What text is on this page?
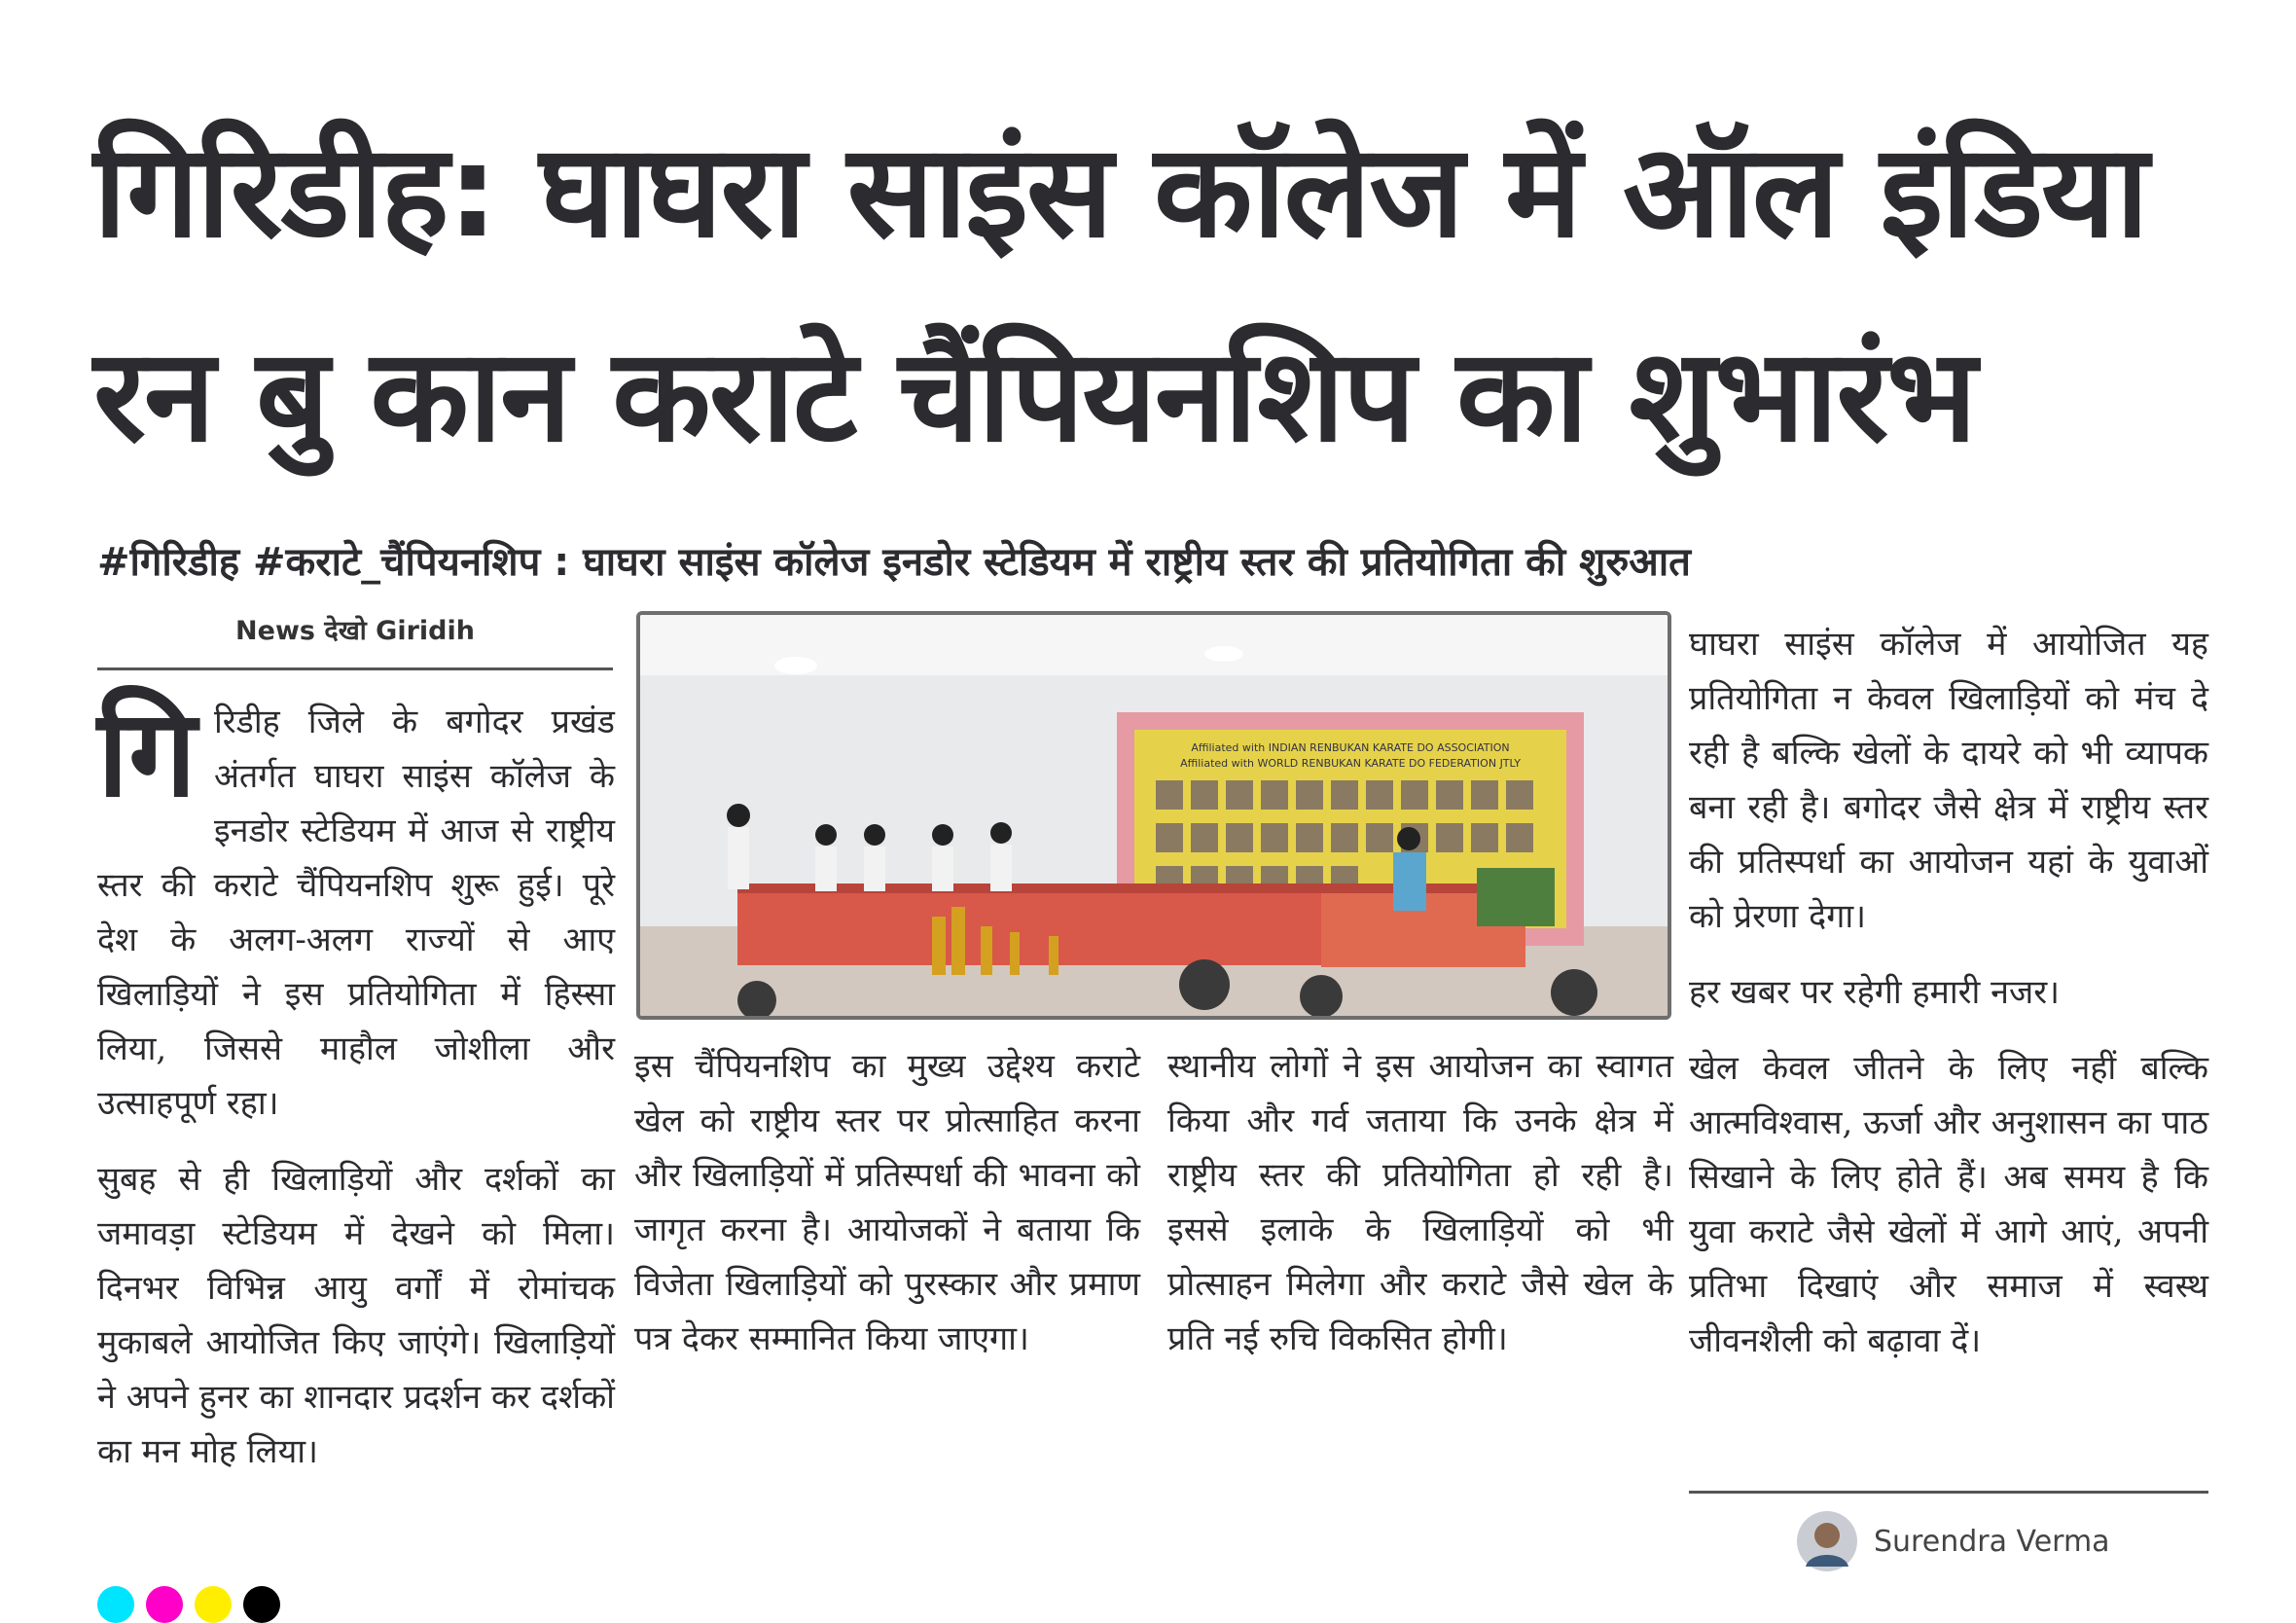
गिरिडीह: घाघरा साइंस कॉलेज में ऑल इंडिया रन बु कान कराटे चैंपियनशिप का शुभारंभ
#गिरिडीह #कराटे_चैंपियनशिप : घाघरा साइंस कॉलेज इनडोर स्टेडियम में राष्ट्रीय स्तर की प्रतियोगिता की शुरुआत
News देखो Giridih

गिरिडीह जिले के बगोदर प्रखंड अंतर्गत घाघरा साइंस कॉलेज के इनडोर स्टेडियम में आज से राष्ट्रीय स्तर की कराटे चैंपियनशिप शुरू हुई। पूरे देश के अलग-अलग राज्यों से आए खिलाड़ियों ने इस प्रतियोगिता में हिस्सा लिया, जिससे माहौल जोशीला और उत्साहपूर्ण रहा।

सुबह से ही खिलाड़ियों और दर्शकों का जमावड़ा स्टेडियम में देखने को मिला। दिनभर विभिन्न आयु वर्गों में रोमांचक मुकाबले आयोजित किए जाएंगे। खिलाड़ियों ने अपने हुनर का शानदार प्रदर्शन कर दर्शकों का मन मोह लिया।

Affiliated with INDIAN RENBUKAN KARATE DO ASSOCIATION
Affiliated with WORLD RENBUKAN KARATE DO FEDERATION JTLY

इस चैंपियनशिप का मुख्य उद्देश्य कराटे खेल को राष्ट्रीय स्तर पर प्रोत्साहित करना और खिलाड़ियों में प्रतिस्पर्धा की भावना को जागृत करना है। आयोजकों ने बताया कि विजेता खिलाड़ियों को पुरस्कार और प्रमाण पत्र देकर सम्मानित किया जाएगा।

स्थानीय लोगों ने इस आयोजन का स्वागत किया और गर्व जताया कि उनके क्षेत्र में राष्ट्रीय स्तर की प्रतियोगिता हो रही है। इससे इलाके के खिलाड़ियों को भी प्रोत्साहन मिलेगा और कराटे जैसे खेल के प्रति नई रुचि विकसित होगी।

घाघरा साइंस कॉलेज में आयोजित यह प्रतियोगिता न केवल खिलाड़ियों को मंच दे रही है बल्कि खेलों के दायरे को भी व्यापक बना रही है। बगोदर जैसे क्षेत्र में राष्ट्रीय स्तर की प्रतिस्पर्धा का आयोजन यहां के युवाओं को प्रेरणा देगा।

हर खबर पर रहेगी हमारी नजर।

खेल केवल जीतने के लिए नहीं बल्कि आत्मविश्वास, ऊर्जा और अनुशासन का पाठ सिखाने के लिए होते हैं। अब समय है कि युवा कराटे जैसे खेलों में आगे आएं, अपनी प्रतिभा दिखाएं और समाज में स्वस्थ जीवनशैली को बढ़ावा दें।

Surendra Verma
